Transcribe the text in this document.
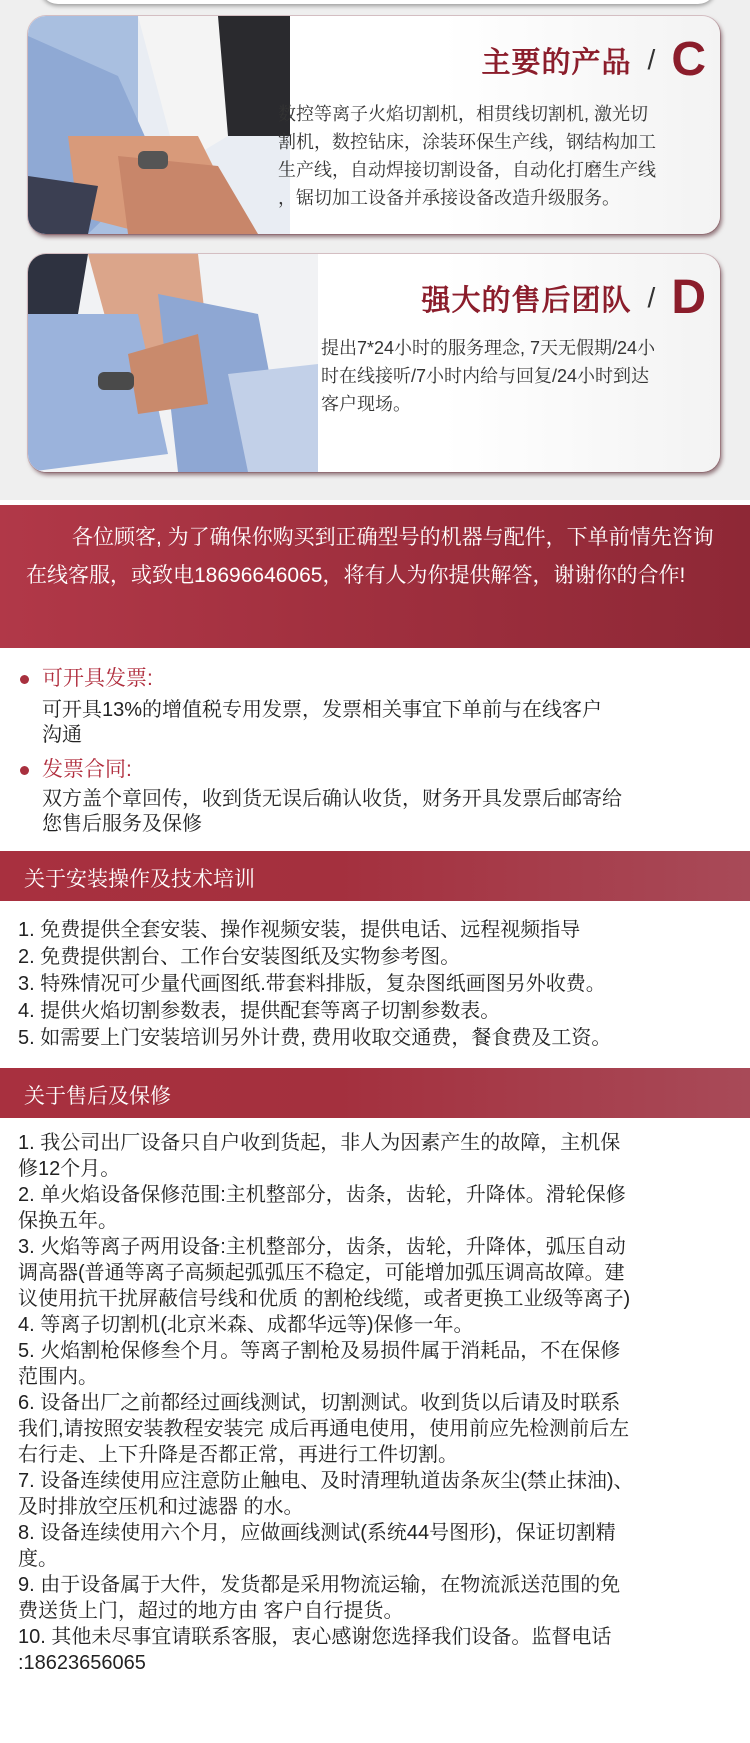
主要的产品 / C
数控等离子火焰切割机，相贯线切割机, 激光切
割机，数控钻床，涂装环保生产线，钢结构加工
生产线，自动焊接切割设备，自动化打磨生产线
，锯切加工设备并承接设备改造升级服务。
强大的售后团队 / D
提出7*24小时的服务理念, 7天无假期/24小
时在线接听/7小时内给与回复/24小时到达
客户现场。
各位顾客, 为了确保你购买到正确型号的机器与配件，下单前情先咨询在线客服，或致电18696646065，将有人为你提供解答，谢谢你的合作!
可开具发票:
可开具13%的增值税专用发票，发票相关事宜下单前与在线客户
沟通
发票合同:
双方盖个章回传，收到货无误后确认收货，财务开具发票后邮寄给
您售后服务及保修
关于安装操作及技术培训
1. 免费提供全套安装、操作视频安装，提供电话、远程视频指导
2. 免费提供割台、工作台安装图纸及实物参考图。
3. 特殊情况可少量代画图纸.带套料排版，复杂图纸画图另外收费。
4. 提供火焰切割参数表，提供配套等离子切割参数表。
5. 如需要上门安装培训另外计费, 费用收取交通费，餐食费及工资。
关于售后及保修
1. 我公司出厂设备只自户收到货起，非人为因素产生的故障，主机保
修12个月。
2. 单火焰设备保修范围:主机整部分，齿条，齿轮，升降体。滑轮保修
保换五年。
3. 火焰等离子两用设备:主机整部分，齿条，齿轮，升降体，弧压自动
调高器(普通等离子高频起弧弧压不稳定，可能增加弧压调高故障。建
议使用抗干扰屏蔽信号线和优质 的割枪线缆，或者更换工业级等离子)
4. 等离子切割机(北京米森、成都华远等)保修一年。
5. 火焰割枪保修叁个月。等离子割枪及易损件属于消耗品，不在保修
范围内。
6. 设备出厂之前都经过画线测试，切割测试。收到货以后请及时联系
我们,请按照安装教程安装完 成后再通电使用，使用前应先检测前后左
右行走、上下升降是否都正常，再进行工件切割。
7. 设备连续使用应注意防止触电、及时清理轨道齿条灰尘(禁止抹油)、
及时排放空压机和过滤器 的水。
8. 设备连续使用六个月，应做画线测试(系统44号图形)，保证切割精
度。
9. 由于设备属于大件，发货都是采用物流运输，在物流派送范围的免
费送货上门，超过的地方由 客户自行提货。
10. 其他未尽事宜请联系客服，衷心感谢您选择我们设备。监督电话
:18623656065
